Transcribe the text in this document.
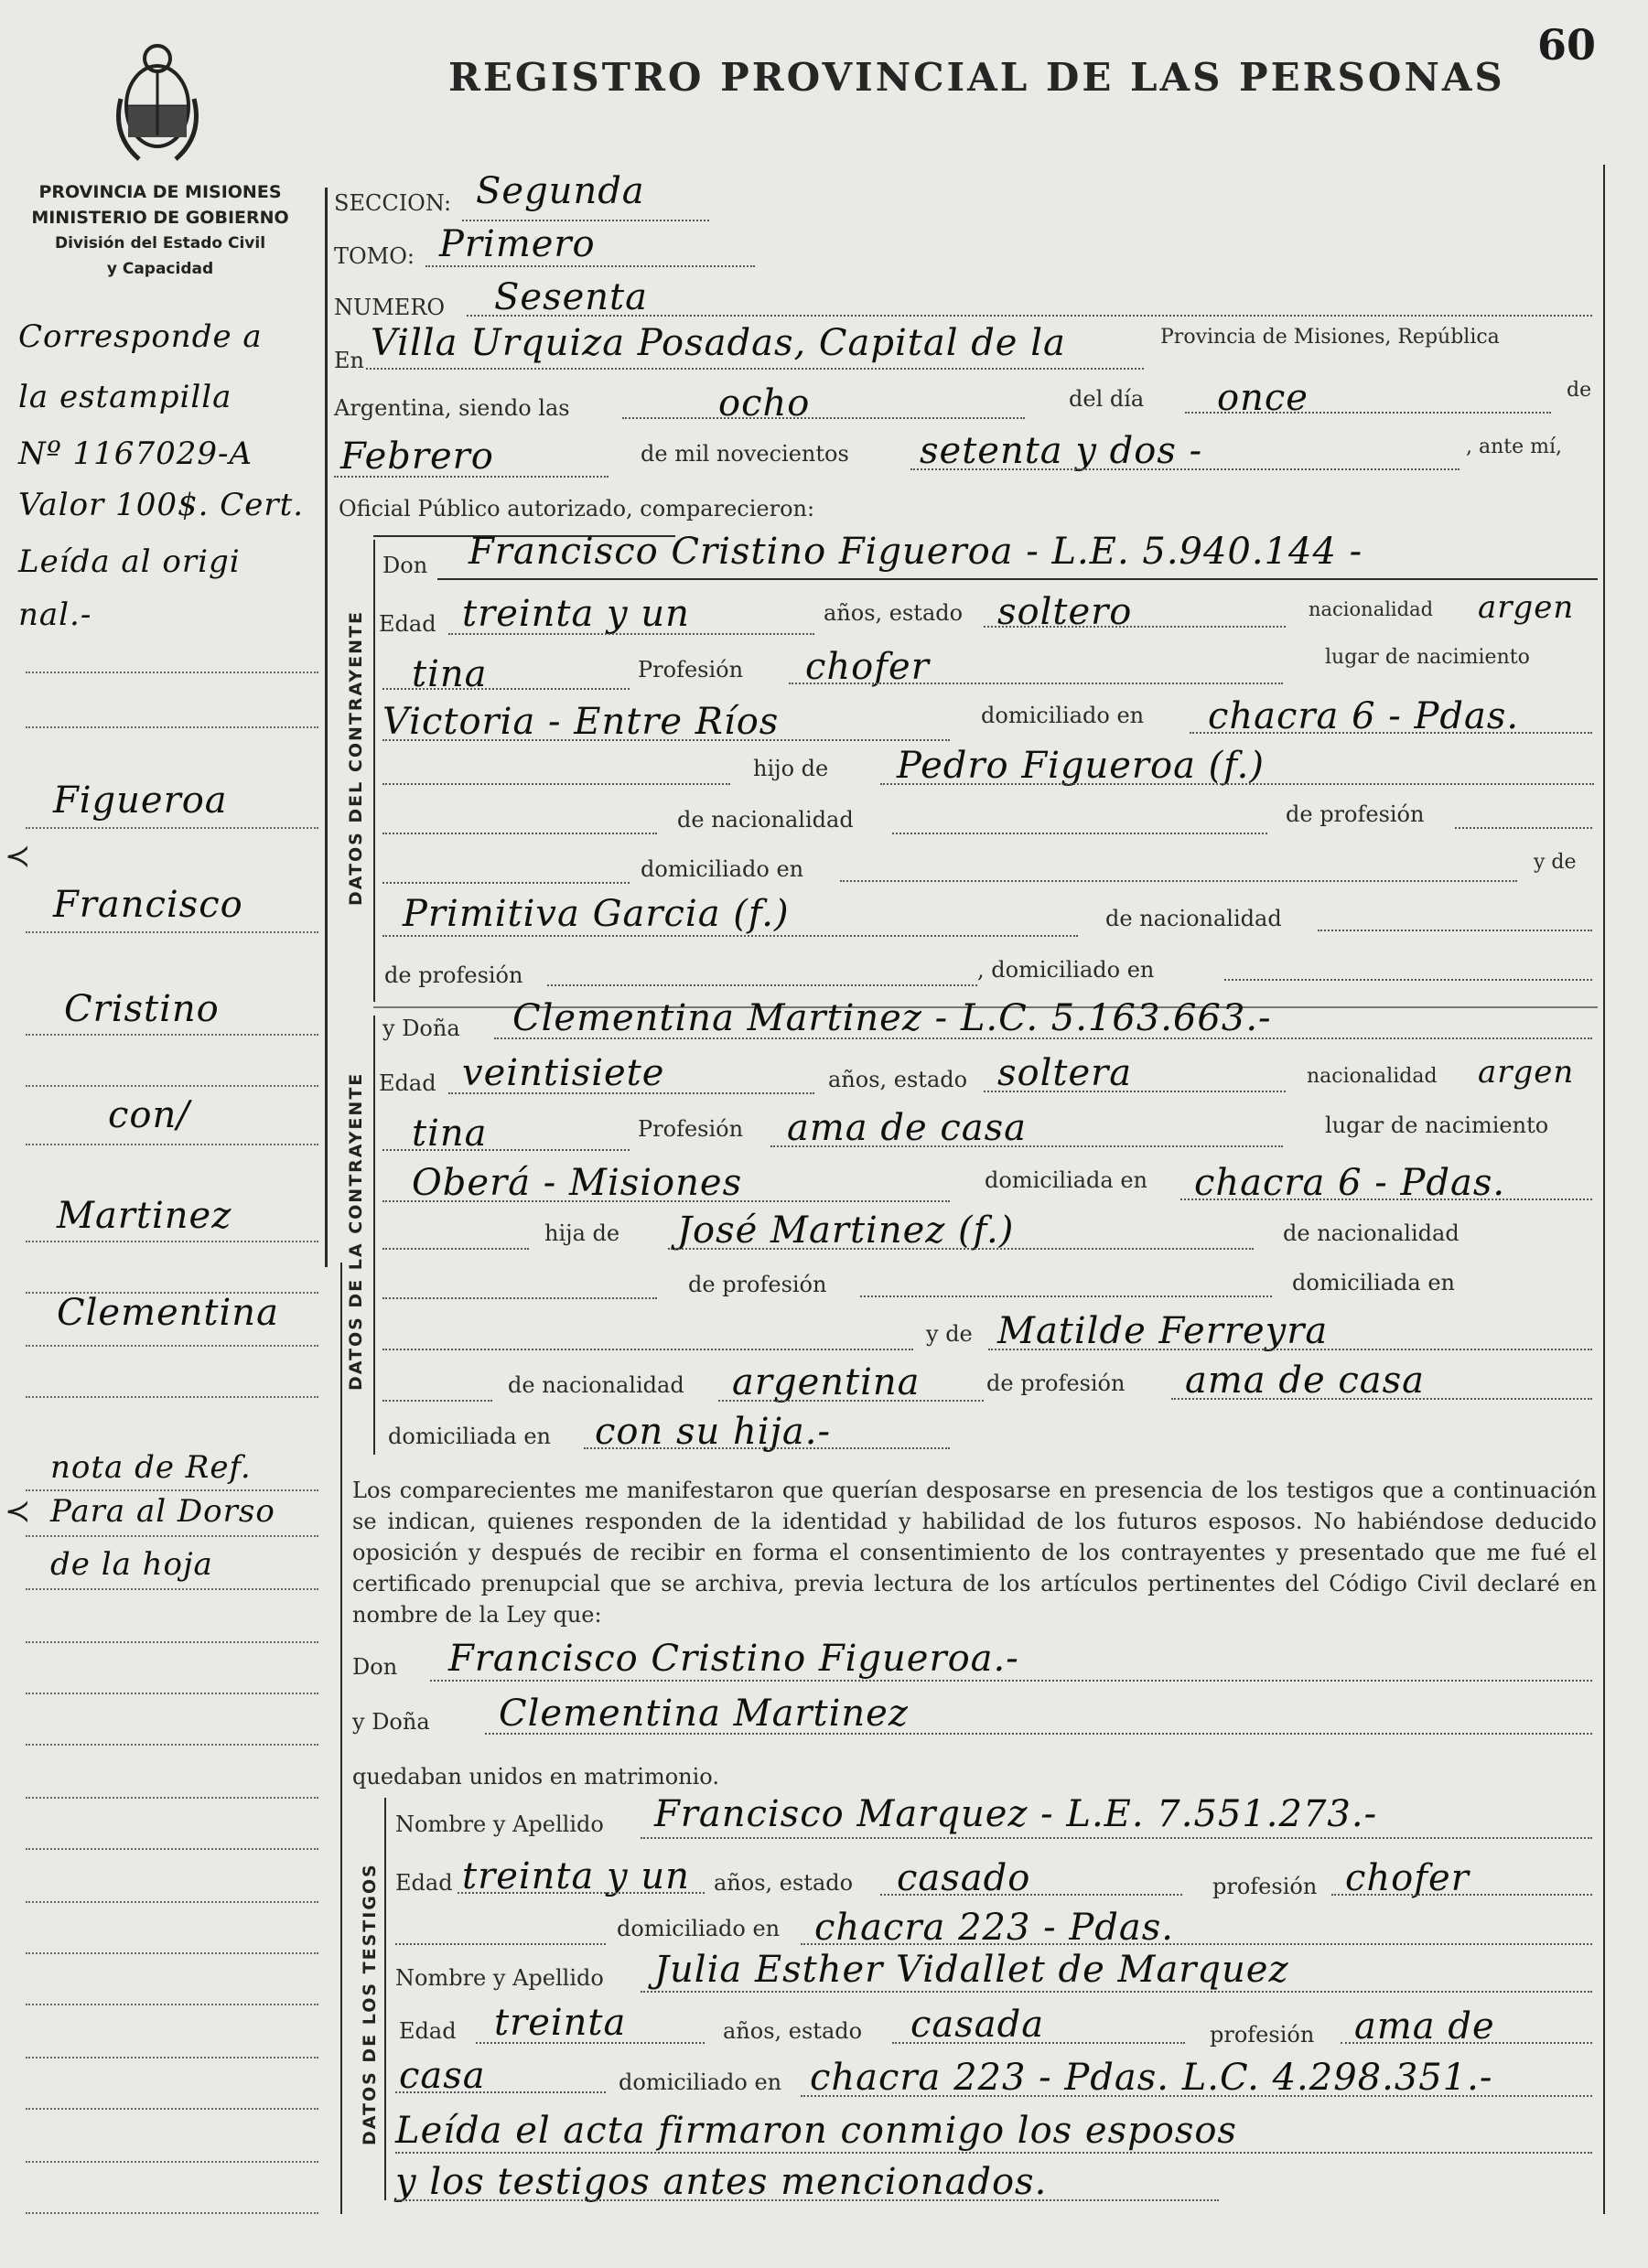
60
PROVINCIA DE MISIONES
MINISTERIO DE GOBIERNO
División del Estado Civil
y Capacidad
REGISTRO PROVINCIAL DE LAS PERSONAS
SECCION: Segunda
TOMO: Primero
NUMERO Sesenta
En Villa Urquiza Posadas, Capital de la	Provincia de Misiones, República
Argentina, siendo las	ocho	del día once	de
Febrero	de mil novecientos setenta y dos -	, ante mí,
Oficial Público autorizado, comparecieron:
DATOS DEL CONTRAYENTE
Don Francisco Cristino Figueroa - L.E. 5.940.144 -
Edad treinta y un	años, estado soltero	nacionalidad argen
tina	Profesión chofer	lugar de nacimiento
Victoria - Entre Ríos	domiciliado en chacra 6 - Pdas.
hijo de Pedro Figueroa (f.)
de nacionalidad	de profesión
domiciliado en	y de
Primitiva Garcia (f.)	de nacionalidad
de profesión	, domiciliado en
DATOS DE LA CONTRAYENTE
y Doña Clementina Martinez - L.C. 5.163.663.-
Edad veintisiete	años, estado soltera	nacionalidad argen
tina	Profesión ama de casa	lugar de nacimiento
Oberá - Misiones	domiciliada en chacra 6 - Pdas.
hija de José Martinez (f.)	de nacionalidad
de profesión	domiciliada en
y de Matilde Ferreyra
de nacionalidad argentina	de profesión ama de casa
domiciliada en con su hija.-
Los comparecientes me manifestaron que querían desposarse en presencia de los testigos que a continuación se indican, quienes responden de la identidad y habilidad de los futuros esposos. No habiéndose deducido oposición y después de recibir en forma el consentimiento de los contrayentes y presentado que me fué el certificado prenupcial que se archiva, previa lectura de los artículos pertinentes del Código Civil declaré en nombre de la Ley que:
Don Francisco Cristino Figueroa.-
y Doña Clementina Martinez
quedaban unidos en matrimonio.
DATOS DE LOS TESTIGOS
Nombre y Apellido Francisco Marquez - L.E. 7.551.273.-
Edad treinta y un años, estado casado	profesión chofer
domiciliado en chacra 223 - Pdas.
Nombre y Apellido Julia Esther Vidallet de Marquez
Edad treinta	años, estado casada	profesión ama de
casa	domiciliado en chacra 223 - Pdas. L.C. 4.298.351.-
Leída el acta firmaron conmigo los esposos
y los testigos antes mencionados.
Corresponde a
la estampilla
Nº 1167029-A
Valor 100$. Cert.
Leída al origi
nal.-
Figueroa
≺
Francisco
Cristino
con/
Martinez
Clementina
nota de Ref.
≺ Para al Dorso
de la hoja
